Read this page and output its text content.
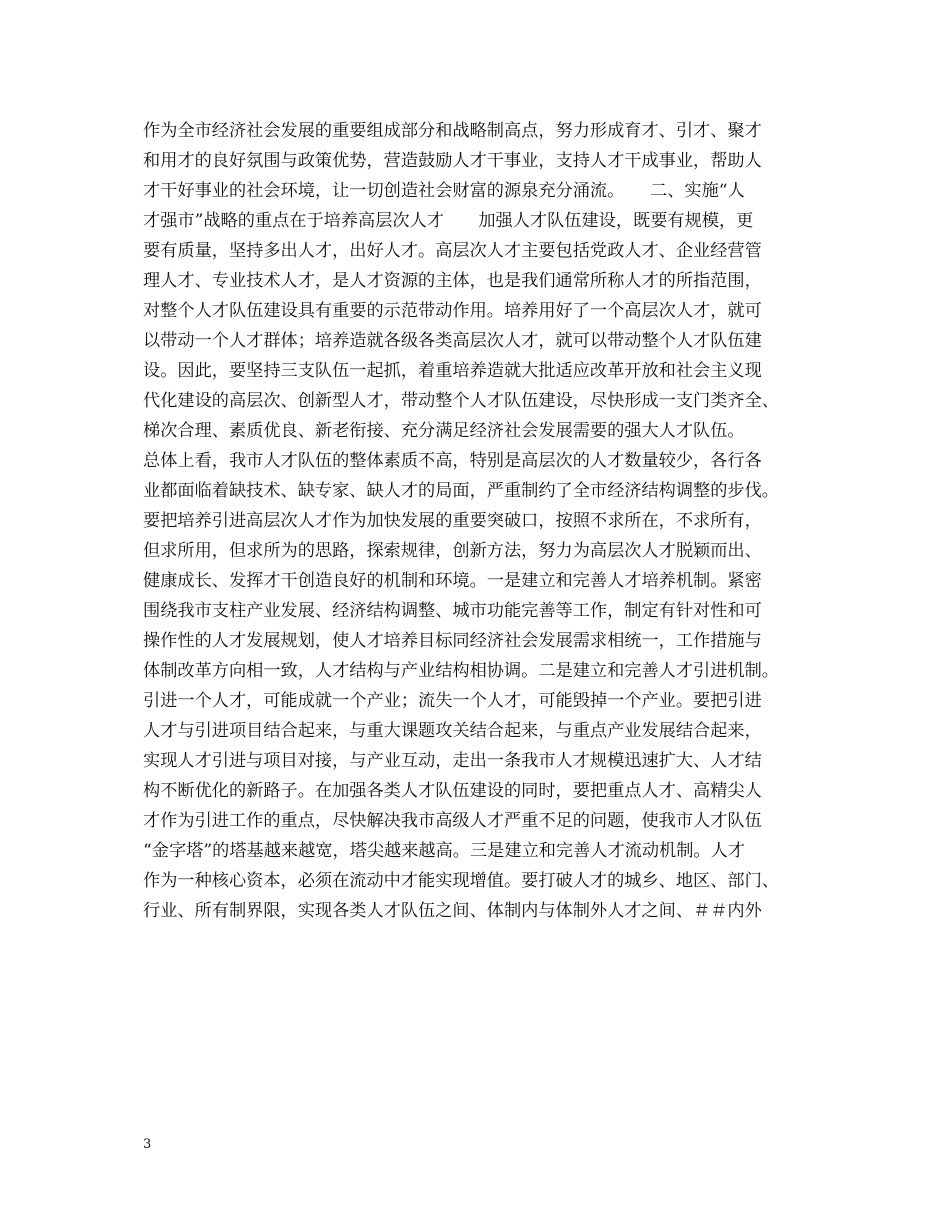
作为全市经济社会发展的重要组成部分和战略制高点，努力形成育才、引才、聚才
和用才的良好氛围与政策优势，营造鼓励人才干事业，支持人才干成事业，帮助人
才干好事业的社会环境，让一切创造社会财富的源泉充分涌流。　　二、实施“人
才强市”战略的重点在于培养高层次人才　　加强人才队伍建设，既要有规模，更
要有质量，坚持多出人才，出好人才。高层次人才主要包括党政人才、企业经营管
理人才、专业技术人才，是人才资源的主体，也是我们通常所称人才的所指范围，
对整个人才队伍建设具有重要的示范带动作用。培养用好了一个高层次人才，就可
以带动一个人才群体；培养造就各级各类高层次人才，就可以带动整个人才队伍建
设。因此，要坚持三支队伍一起抓，着重培养造就大批适应改革开放和社会主义现
代化建设的高层次、创新型人才，带动整个人才队伍建设，尽快形成一支门类齐全、
梯次合理、素质优良、新老衔接、充分满足经济社会发展需要的强大人才队伍。
总体上看，我市人才队伍的整体素质不高，特别是高层次的人才数量较少，各行各
业都面临着缺技术、缺专家、缺人才的局面，严重制约了全市经济结构调整的步伐。
要把培养引进高层次人才作为加快发展的重要突破口，按照不求所在，不求所有，
但求所用，但求所为的思路，探索规律，创新方法，努力为高层次人才脱颖而出、
健康成长、发挥才干创造良好的机制和环境。一是建立和完善人才培养机制。紧密
围绕我市支柱产业发展、经济结构调整、城市功能完善等工作，制定有针对性和可
操作性的人才发展规划，使人才培养目标同经济社会发展需求相统一，工作措施与
体制改革方向相一致，人才结构与产业结构相协调。二是建立和完善人才引进机制。
引进一个人才，可能成就一个产业；流失一个人才，可能毁掉一个产业。要把引进
人才与引进项目结合起来，与重大课题攻关结合起来，与重点产业发展结合起来，
实现人才引进与项目对接，与产业互动，走出一条我市人才规模迅速扩大、人才结
构不断优化的新路子。在加强各类人才队伍建设的同时，要把重点人才、高精尖人
才作为引进工作的重点，尽快解决我市高级人才严重不足的问题，使我市人才队伍
“金字塔”的塔基越来越宽，塔尖越来越高。三是建立和完善人才流动机制。人才
作为一种核心资本，必须在流动中才能实现增值。要打破人才的城乡、地区、部门、
行业、所有制界限，实现各类人才队伍之间、体制内与体制外人才之间、＃＃内外
3
